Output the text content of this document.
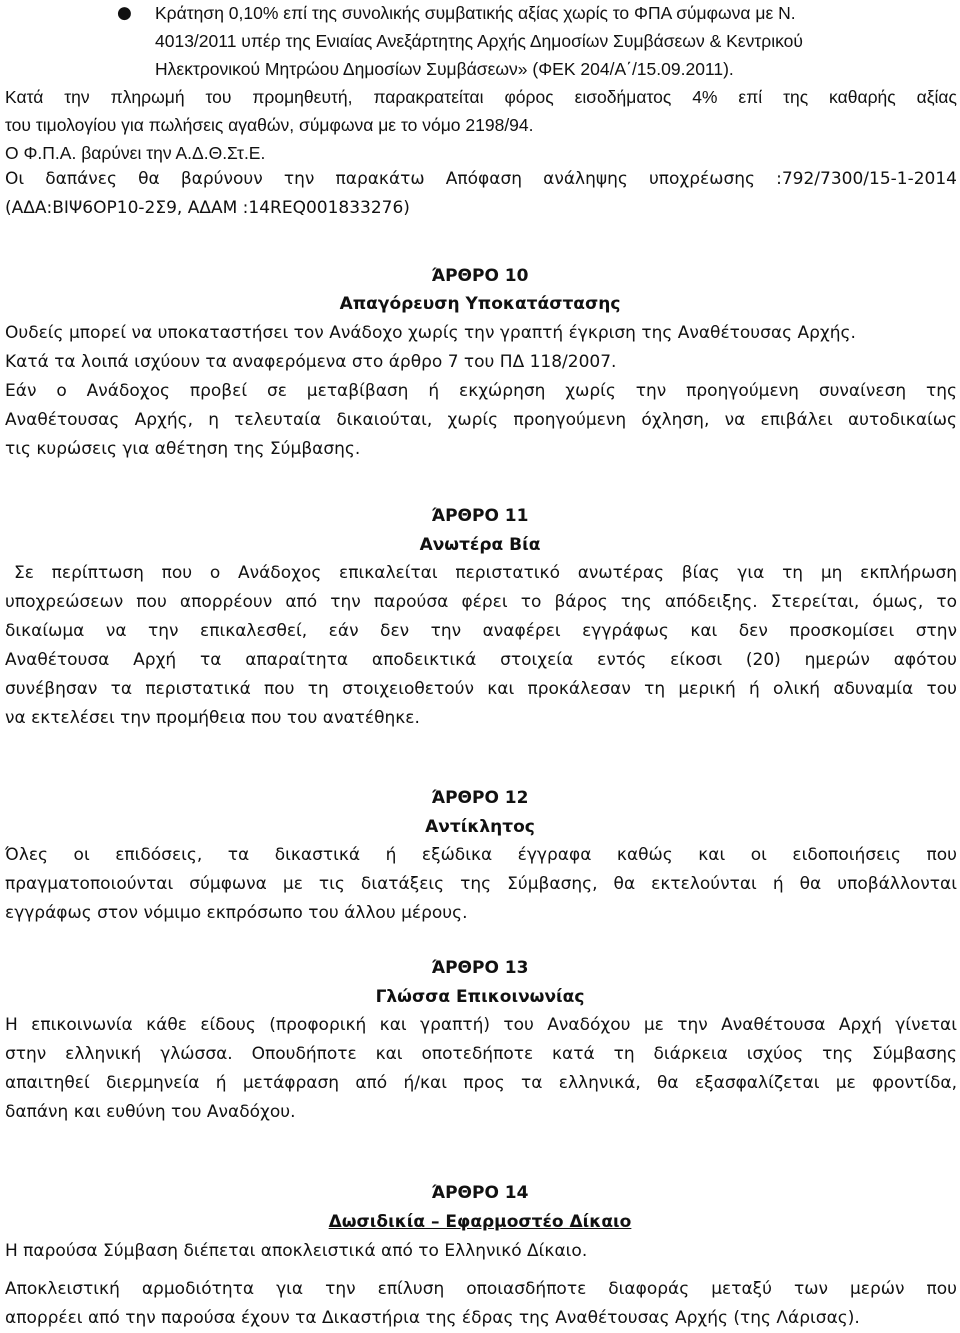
● Κράτηση 0,10% επί της συνολικής συμβατικής αξίας χωρίς το ΦΠΑ σύμφωνα με Ν.
4013/2011 υπέρ της Ενιαίας Ανεξάρτητης Αρχής Δημοσίων Συμβάσεων & Κεντρικού
Ηλεκτρονικού Μητρώου Δημοσίων Συμβάσεων» (ΦΕΚ 204/Α΄/15.09.2011).
Κατά την πληρωμή του προμηθευτή, παρακρατείται φόρος εισοδήματος 4% επί της καθαρής αξίας
του τιμολογίου για πωλήσεις αγαθών, σύμφωνα με το νόμο 2198/94.
Ο Φ.Π.Α. βαρύνει την Α.Δ.Θ.Στ.Ε.
Οι δαπάνες θα βαρύνουν την παρακάτω Απόφαση ανάληψης υποχρέωσης :792/7300/15-1-2014
(ΑΔΑ:ΒΙΨ6ΟΡ10-2Σ9, ΑΔΑΜ :14REQ001833276)
ΆΡΘΡΟ 10
Απαγόρευση Υποκατάστασης
Ουδείς μπορεί να υποκαταστήσει τον Ανάδοχο χωρίς την γραπτή έγκριση της Αναθέτουσας Αρχής.
Κατά τα λοιπά ισχύουν τα αναφερόμενα στο άρθρο 7 του ΠΔ 118/2007.
Εάν ο Ανάδοχος προβεί σε μεταβίβαση ή εκχώρηση χωρίς την προηγούμενη συναίνεση της
Αναθέτουσας Αρχής, η τελευταία δικαιούται, χωρίς προηγούμενη όχληση, να επιβάλει αυτοδικαίως
τις κυρώσεις για αθέτηση της Σύμβασης.
ΆΡΘΡΟ 11
Ανωτέρα Βία
Σε περίπτωση που ο Ανάδοχος επικαλείται περιστατικό ανωτέρας βίας για τη μη εκπλήρωση
υποχρεώσεων που απορρέουν από την παρούσα φέρει το βάρος της απόδειξης. Στερείται, όμως, το
δικαίωμα να την επικαλεσθεί, εάν δεν την αναφέρει εγγράφως και δεν προσκομίσει στην
Αναθέτουσα Αρχή τα απαραίτητα αποδεικτικά στοιχεία εντός είκοσι (20) ημερών αφότου
συνέβησαν τα περιστατικά που τη στοιχειοθετούν και προκάλεσαν τη μερική ή ολική αδυναμία του
να εκτελέσει την προμήθεια που του ανατέθηκε.
ΆΡΘΡΟ 12
Αντίκλητος
Όλες οι επιδόσεις, τα δικαστικά ή εξώδικα έγγραφα καθώς και οι ειδοποιήσεις που
πραγματοποιούνται σύμφωνα με τις διατάξεις της Σύμβασης, θα εκτελούνται ή θα υποβάλλονται
εγγράφως στον νόμιμο εκπρόσωπο του άλλου μέρους.
ΆΡΘΡΟ 13
Γλώσσα Επικοινωνίας
Η επικοινωνία κάθε είδους (προφορική και γραπτή) του Αναδόχου με την Αναθέτουσα Αρχή γίνεται
στην ελληνική γλώσσα. Οπουδήποτε και οποτεδήποτε κατά τη διάρκεια ισχύος της Σύμβασης
απαιτηθεί διερμηνεία ή μετάφραση από ή/και προς τα ελληνικά, θα εξασφαλίζεται με φροντίδα,
δαπάνη και ευθύνη του Αναδόχου.
ΆΡΘΡΟ 14
Δωσιδικία – Εφαρμοστέο Δίκαιο
Η παρούσα Σύμβαση διέπεται αποκλειστικά από το Ελληνικό Δίκαιο.
Αποκλειστική αρμοδιότητα για την επίλυση οποιασδήποτε διαφοράς μεταξύ των μερών που
απορρέει από την παρούσα έχουν τα Δικαστήρια της έδρας της Αναθέτουσας Αρχής (της Λάρισας).
